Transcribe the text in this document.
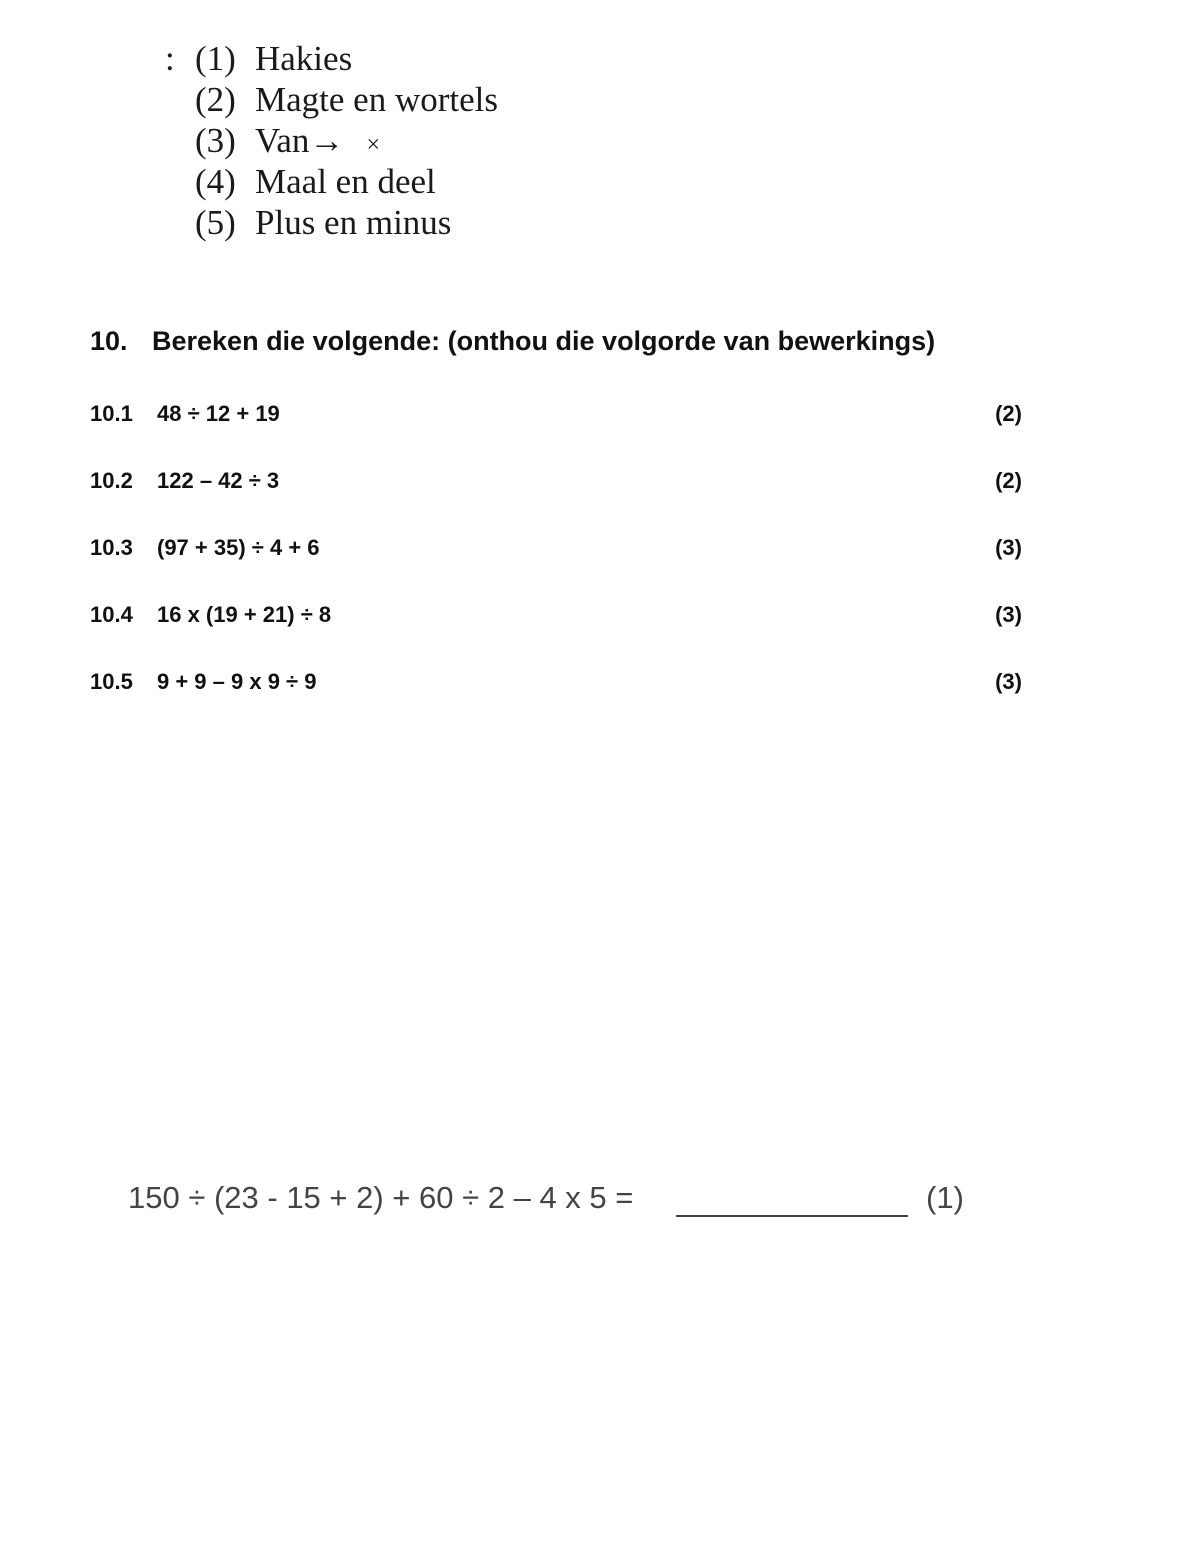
: (1) Hakies
(2) Magte en wortels
(3) Van→ ×
(4) Maal en deel
(5) Plus en minus
10. Bereken die volgende: (onthou die volgorde van bewerkings)
10.1 48 ÷ 12 + 19	(2)
10.2 122 – 42 ÷ 3	(2)
10.3 (97 + 35) ÷ 4 + 6	(3)
10.4 16 x (19 + 21) ÷ 8	(3)
10.5 9 + 9 – 9 x 9 ÷ 9	(3)
150 ÷ (23 - 15 + 2) + 60 ÷ 2 – 4 x 5 =	(1)
